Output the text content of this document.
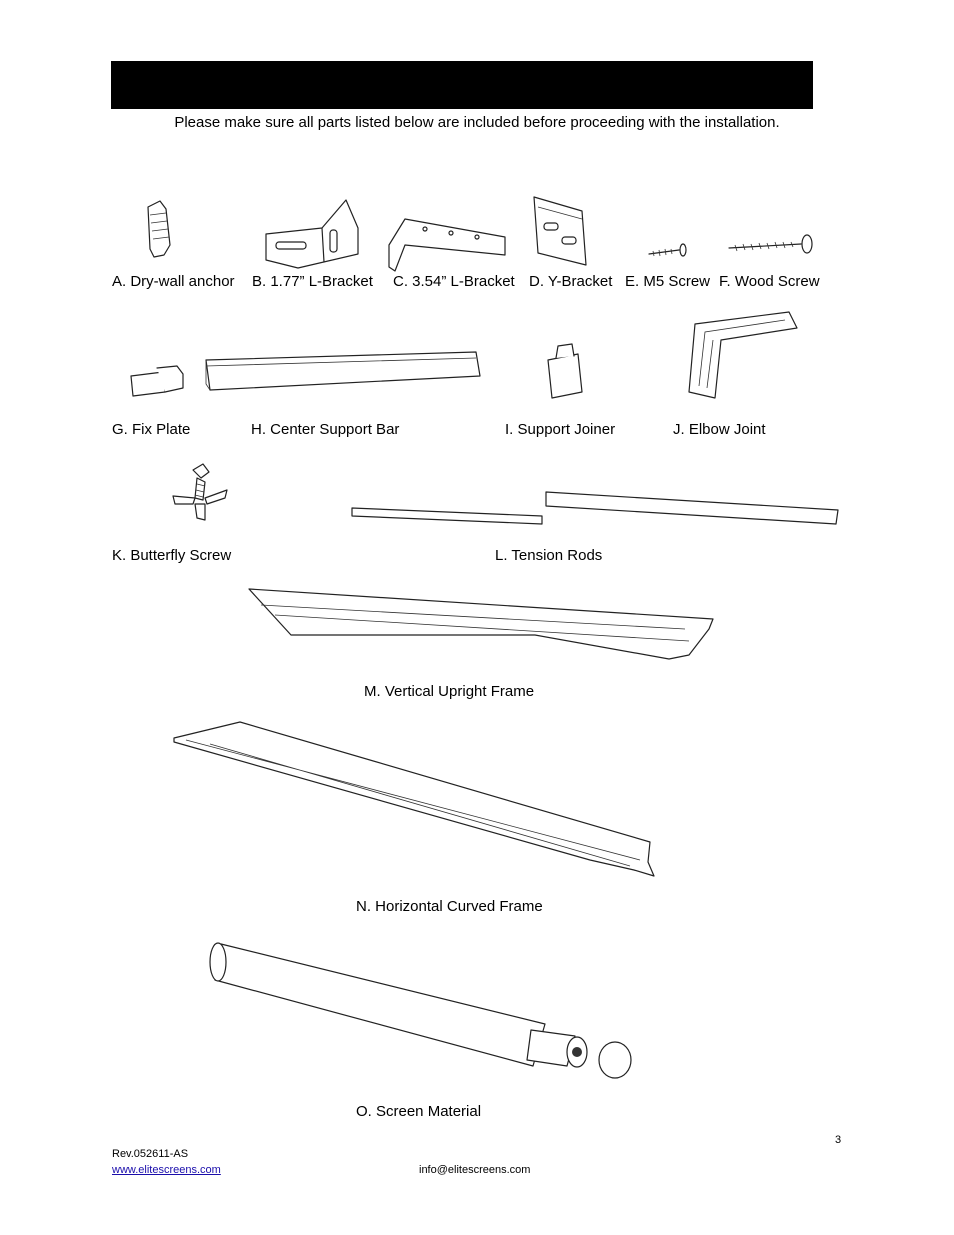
Please make sure all parts listed below are included before proceeding with the installation.
A. Dry-wall anchor B. 1.77” L-Bracket C. 3.54” L-Bracket D. Y-Bracket E. M5 Screw F. Wood Screw
G. Fix Plate	H. Center Support Bar	I. Support Joiner	J. Elbow Joint
K. Butterfly Screw	L. Tension Rods
M. Vertical Upright Frame
N. Horizontal Curved Frame
O. Screen Material
3
Rev.052611-AS
www.elitescreens.com	info@elitescreens.com
